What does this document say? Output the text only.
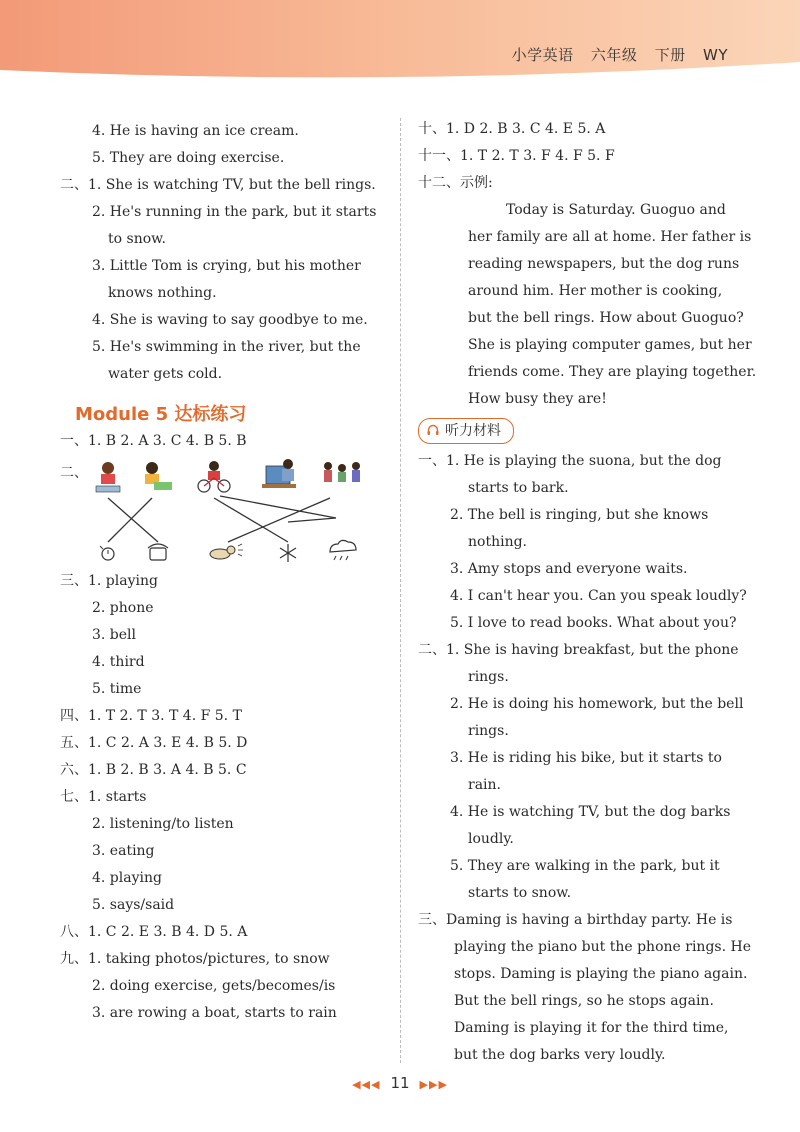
小学英语 六年级 下册 WY
4. He is having an ice cream.
5. They are doing exercise.
二、1. She is watching TV, but the bell rings.
2. He's running in the park, but it starts
to snow.
3. Little Tom is crying, but his mother
knows nothing.
4. She is waving to say goodbye to me.
5. He's swimming in the river, but the
water gets cold.
一、1. B 2. A 3. C 4. B 5. B
二、
三、1. playing
2. phone
3. bell
4. third
5. time
四、1. T 2. T 3. T 4. F 5. T
五、1. C 2. A 3. E 4. B 5. D
六、1. B 2. B 3. A 4. B 5. C
七、1. starts
2. listening/to listen
3. eating
4. playing
5. says/said
八、1. C 2. E 3. B 4. D 5. A
九、1. taking photos/pictures, to snow
2. doing exercise, gets/becomes/is
3. are rowing a boat, starts to rain
十、1. D 2. B 3. C 4. E 5. A
十一、1. T 2. T 3. F 4. F 5. F
十二、示例:
Today is Saturday. Guoguo and
her family are all at home. Her father is
reading newspapers, but the dog runs
around him. Her mother is cooking,
but the bell rings. How about Guoguo?
She is playing computer games, but her
friends come. They are playing together.
How busy they are!
一、1. He is playing the suona, but the dog
starts to bark.
2. The bell is ringing, but she knows
nothing.
3. Amy stops and everyone waits.
4. I can't hear you. Can you speak loudly?
5. I love to read books. What about you?
二、1. She is having breakfast, but the phone
rings.
2. He is doing his homework, but the bell
rings.
3. He is riding his bike, but it starts to
rain.
4. He is watching TV, but the dog barks
loudly.
5. They are walking in the park, but it
starts to snow.
三、Daming is having a birthday party. He is
playing the piano but the phone rings. He
stops. Daming is playing the piano again.
But the bell rings, so he stops again.
Daming is playing it for the third time,
but the dog barks very loudly.
Module 5 达标练习
听力材料
◀◀◀ 11 ▶▶▶
